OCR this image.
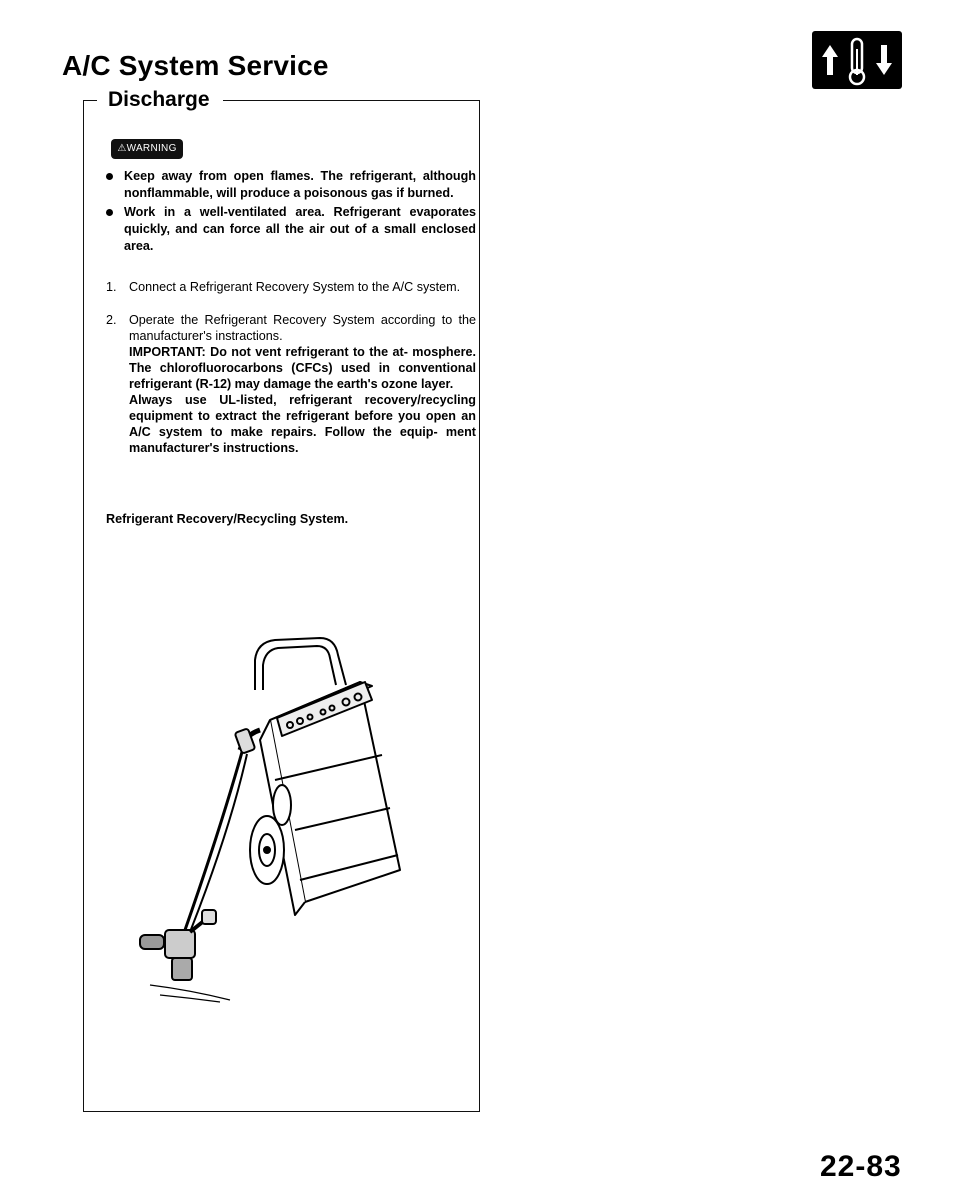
A/C System Service
Discharge
⚠WARNING
Keep away from open flames. The refrigerant, although nonflammable, will produce a poisonous gas if burned.
Work in a well-ventilated area. Refrigerant evaporates quickly, and can force all the air out of a small enclosed area.
1. Connect a Refrigerant Recovery System to the A/C system.
2. Operate the Refrigerant Recovery System according to the manufacturer's instractions.
IMPORTANT: Do not vent refrigerant to the at- mosphere. The chlorofluorocarbons (CFCs) used in conventional refrigerant (R-12) may damage the earth's ozone layer.
Always use UL-listed, refrigerant recovery/recycling equipment to extract the refrigerant before you open an A/C system to make repairs. Follow the equip- ment manufacturer's instructions.
Refrigerant Recovery/Recycling System.
22-83
